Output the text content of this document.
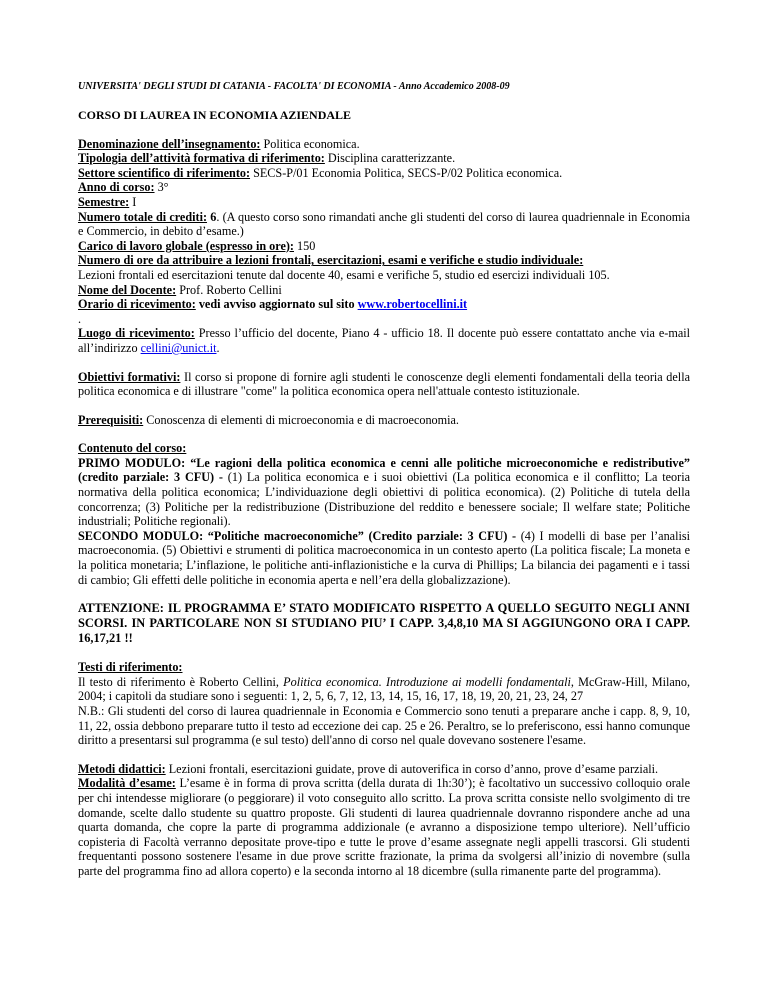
UNIVERSITA' DEGLI STUDI DI CATANIA - FACOLTA' DI ECONOMIA - Anno Accademico 2008-09
CORSO DI LAUREA IN ECONOMIA AZIENDALE

Denominazione dell’insegnamento: Politica economica.

Tipologia dell’attività formativa di riferimento: Disciplina caratterizzante.

Settore scientifico di riferimento: SECS-P/01 Economia Politica, SECS-P/02 Politica economica.

Anno di corso: 3°

Semestre: I

Numero totale di crediti: 6. (A questo corso sono rimandati anche gli studenti del corso di laurea quadriennale in Economia e Commercio, in debito d’esame.)

Carico di lavoro globale (espresso in ore): 150

Numero di ore da attribuire a lezioni frontali, esercitazioni, esami e verifiche e studio individuale:

Lezioni frontali ed esercitazioni tenute dal docente 40, esami e verifiche 5, studio ed esercizi individuali 105.

Nome del Docente: Prof. Roberto Cellini

Orario di ricevimento: vedi avviso aggiornato sul sito www.robertocellini.it

.

Luogo di ricevimento: Presso l’ufficio del docente, Piano 4 - ufficio 18. Il docente può essere contattato anche via e-mail all’indirizzo cellini@unict.it.

Obiettivi formativi: Il corso si propone di fornire agli studenti le conoscenze degli elementi fondamentali della teoria della politica economica e di illustrare "come" la politica economica opera nell'attuale contesto istituzionale.

Prerequisiti: Conoscenza di elementi di microeconomia e di macroeconomia.

Contenuto del corso:

PRIMO MODULO: “Le ragioni della politica economica e cenni alle politiche microeconomiche e redistributive” (credito parziale: 3 CFU) - (1) La politica economica e i suoi obiettivi (La politica economica e il conflitto; La teoria normativa della politica economica; L’individuazione degli obiettivi di politica economica). (2) Politiche di tutela della concorrenza; (3) Politiche per la redistribuzione (Distribuzione del reddito e benessere sociale; Il welfare state; Politiche industriali; Politiche regionali).

SECONDO MODULO: “Politiche macroeconomiche” (Credito parziale: 3 CFU) - (4) I modelli di base per l’analisi macroeconomia. (5) Obiettivi e strumenti di politica macroeconomica in un contesto aperto (La politica fiscale; La moneta e la politica monetaria; L’inflazione, le politiche anti-inflazionistiche e la curva di Phillips; La bilancia dei pagamenti e i tassi di cambio; Gli effetti delle politiche in economia aperta e nell’era della globalizzazione).

ATTENZIONE: IL PROGRAMMA E’ STATO MODIFICATO RISPETTO A QUELLO SEGUITO NEGLI ANNI SCORSI. IN PARTICOLARE NON SI STUDIANO PIU’ I CAPP. 3,4,8,10 MA SI AGGIUNGONO ORA I CAPP. 16,17,21 !!

Testi di riferimento:

Il testo di riferimento è Roberto Cellini, Politica economica. Introduzione ai modelli fondamentali, McGraw-Hill, Milano, 2004; i capitoli da studiare sono i seguenti: 1, 2, 5, 6, 7, 12, 13, 14, 15, 16, 17, 18, 19, 20, 21, 23, 24, 27

N.B.: Gli studenti del corso di laurea quadriennale in Economia e Commercio sono tenuti a preparare anche i capp. 8, 9, 10, 11, 22, ossia debbono preparare tutto il testo ad eccezione dei cap. 25 e 26. Peraltro, se lo preferiscono, essi hanno comunque diritto a presentarsi sul programma (e sul testo) dell'anno di corso nel quale dovevano sostenere l'esame.

Metodi didattici: Lezioni frontali, esercitazioni guidate, prove di autoverifica in corso d’anno, prove d’esame parziali.

Modalità d’esame: L’esame è in forma di prova scritta (della durata di 1h:30’); è facoltativo un successivo colloquio orale per chi intendesse migliorare (o peggiorare) il voto conseguito allo scritto. La prova scritta consiste nello svolgimento di tre domande, scelte dallo studente su quattro proposte. Gli studenti di laurea quadriennale dovranno rispondere anche ad una quarta domanda, che copre la parte di programma addizionale (e avranno a disposizione tempo ulteriore). Nell’ufficio copisteria di Facoltà verranno depositate prove-tipo e tutte le prove d’esame assegnate negli appelli trascorsi. Gli studenti frequentanti possono sostenere l'esame in due prove scritte frazionate, la prima da svolgersi all’inizio di novembre (sulla parte del programma fino ad allora coperto) e la seconda intorno al 18 dicembre (sulla rimanente parte del programma).
